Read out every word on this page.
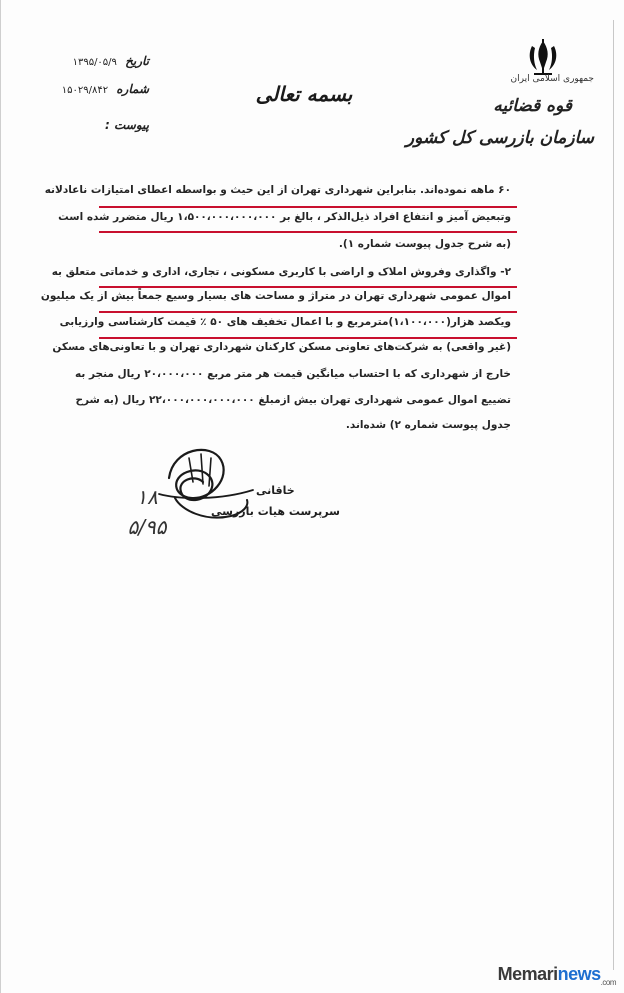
جمهوری اسلامی ایران
قوه قضائیه
سازمان بازرسی کل کشور
بسمه تعالی
تاریخ ۱۳۹۵/۰۵/۹
شماره ۱۵۰۲۹/۸۴۲
پیوست :
۶۰ ماهه نموده‌اند. بنابراین شهرداری تهران از این حیث و بواسطه اعطای امتیازات ناعادلانه
وتبعیض آمیز و انتفاع افراد ذیل‌الذکر ، بالغ بر ۱،۵۰۰،۰۰۰،۰۰۰،۰۰۰ ریال متضرر شده است
(به شرح جدول پیوست شماره ۱).
۲- واگذاری وفروش املاک و اراضی با کاربری مسکونی ، تجاری، اداری و خدماتی متعلق به
اموال عمومی شهرداری تهران در متراژ و مساحت های بسیار وسیع جمعاً بیش از یک میلیون
ویکصد هزار(۱،۱۰۰،۰۰۰)مترمربع و با اعمال تخفیف های ۵۰ ٪ قیمت کارشناسی وارزیابی
(غیر واقعی) به شرکت‌های تعاونی مسکن کارکنان شهرداری تهران و با تعاونی‌های مسکن
خارج از شهرداری که با احتساب میانگین قیمت هر متر مربع ۲۰،۰۰۰،۰۰۰ ریال منجر به
تضییع اموال عمومی شهرداری تهران بیش ازمبلغ ۲۲،۰۰۰،۰۰۰،۰۰۰،۰۰۰ ریال (به شرح
جدول پیوست شماره ۲) شده‌اند.
خاقانی
سرپرست هیات بازرسی
۱۸
۵/۹۵
Memarinews$_{.com}$
